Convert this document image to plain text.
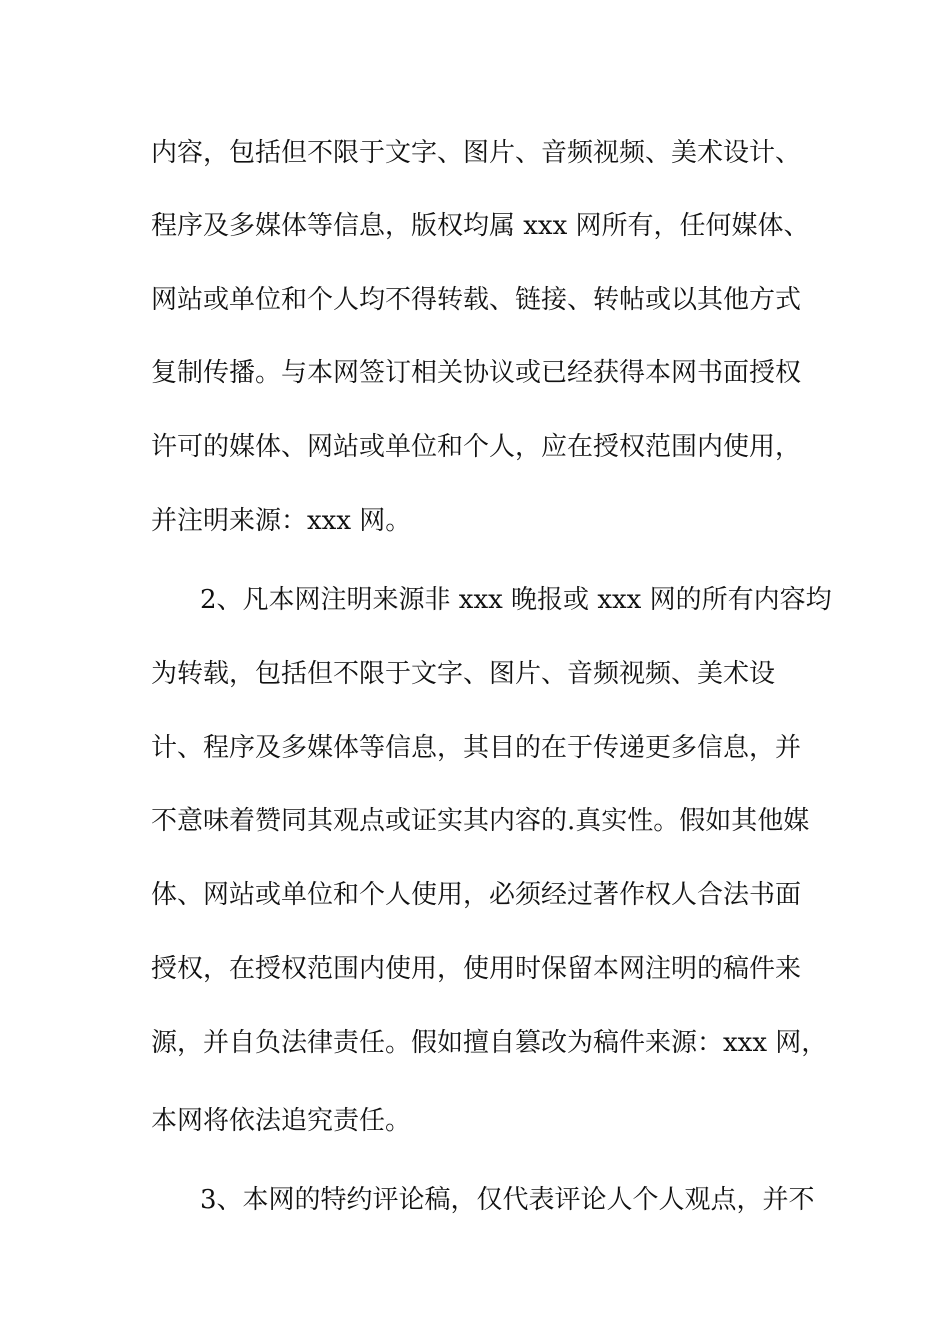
内容，包括但不限于文字、图片、音频视频、美术设计、
程序及多媒体等信息，版权均属 xxx 网所有，任何媒体、
网站或单位和个人均不得转载、链接、转帖或以其他方式
复制传播。与本网签订相关协议或已经获得本网书面授权
许可的媒体、网站或单位和个人，应在授权范围内使用，
并注明来源：xxx 网。
2、凡本网注明来源非 xxx 晚报或 xxx 网的所有内容均
为转载，包括但不限于文字、图片、音频视频、美术设
计、程序及多媒体等信息，其目的在于传递更多信息，并
不意味着赞同其观点或证实其内容的.真实性。假如其他媒
体、网站或单位和个人使用，必须经过著作权人合法书面
授权，在授权范围内使用，使用时保留本网注明的稿件来
源，并自负法律责任。假如擅自篡改为稿件来源：xxx 网，
本网将依法追究责任。
3、本网的特约评论稿，仅代表评论人个人观点，并不
